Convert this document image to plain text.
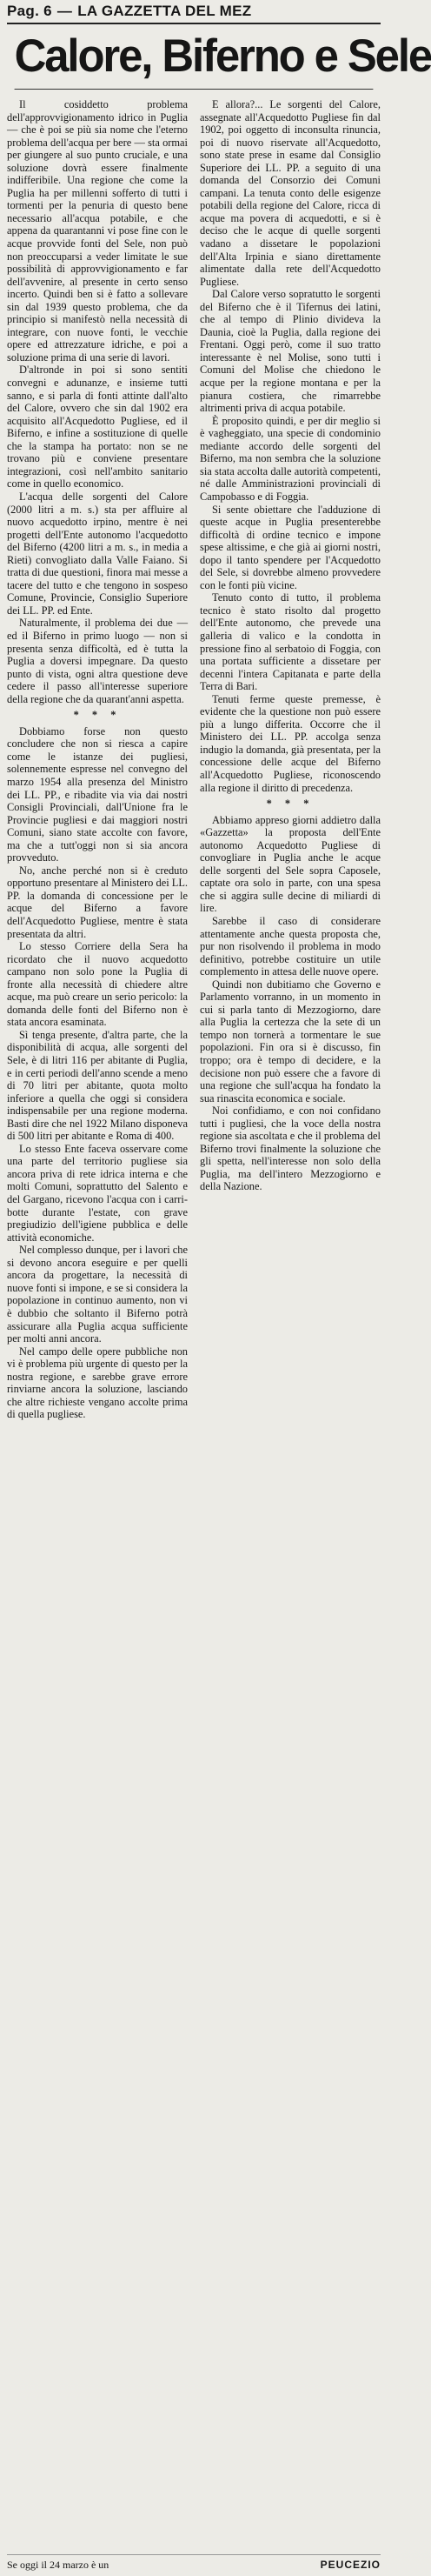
Pag. 6 — LA GAZZETTA DEL MEZ
Calore, Biferno e Sele

Il cosiddetto problema dell'approvvigionamento idrico in Puglia — che è poi se più sia nome che l'eterno problema dell'acqua per bere — sta ormai per giungere al suo punto cruciale, e una soluzione dovrà essere finalmente indifferibile. Una regione che come la Puglia ha per millenni sofferto di tutti i tormenti per la penuria di questo bene necessario all'acqua potabile, e che appena da quarantanni vi pose fine con le acque provvide fonti del Sele, non può non preoccuparsi a veder limitate le sue possibilità di approvvigionamento e far dell'avvenire, al presente in certo senso incerto. Quindi ben si è fatto a sollevare sin dal 1939 questo problema, che da principio si manifestò nella necessità di integrare, con nuove fonti, le vecchie opere ed attrezzature idriche, e poi a soluzione prima di una serie di lavori.

D'altronde in poi si sono sentiti convegni e adunanze, e insieme tutti sanno, e si parla di fonti attinte dall'alto del Calore, ovvero che sin dal 1902 era acquisito all'Acquedotto Pugliese, ed il Biferno, e infine a sostituzione di quelle che la stampa ha portato: non se ne trovano più e conviene presentare integrazioni, così nell'ambito sanitario come in quello economico.

L'acqua delle sorgenti del Calore (2000 litri a m. s.) sta per affluire al nuovo acquedotto irpino, mentre è nei progetti dell'Ente autonomo l'acquedotto del Biferno (4200 litri a m. s., in media a Rieti) convogliato dalla Valle Faiano. Si tratta di due questioni, finora mai messe a tacere del tutto e che tengono in sospeso Comune, Provincie, Consiglio Superiore dei LL. PP. ed Ente.

Naturalmente, il problema dei due — ed il Biferno in primo luogo — non si presenta senza difficoltà, ed è tutta la Puglia a doversi impegnare. Da questo punto di vista, ogni altra questione deve cedere il passo all'interesse superiore della regione che da quarant'anni aspetta.

* * *

Dobbiamo forse non questo concludere che non si riesca a capire come le istanze dei pugliesi, solennemente espresse nel convegno del marzo 1954 alla presenza del Ministro dei LL. PP., e ribadite via via dai nostri Consigli Provinciali, dall'Unione fra le Provincie pugliesi e dai maggiori nostri Comuni, siano state accolte con favore, ma che a tutt'oggi non si sia ancora provveduto.

No, anche perché non si è creduto opportuno presentare al Ministero dei LL. PP. la domanda di concessione per le acque del Biferno a favore dell'Acquedotto Pugliese, mentre è stata presentata da altri.

Lo stesso Corriere della Sera ha ricordato che il nuovo acquedotto campano non solo pone la Puglia di fronte alla necessità di chiedere altre acque, ma può creare un serio pericolo: la domanda delle fonti del Biferno non è stata ancora esaminata.

Sì tenga presente, d'altra parte, che la disponibilità di acqua, alle sorgenti del Sele, è di litri 116 per abitante di Puglia, e in certi periodi dell'anno scende a meno di 70 litri per abitante, quota molto inferiore a quella che oggi si considera indispensabile per una regione moderna. Basti dire che nel 1922 Milano disponeva di 500 litri per abitante e Roma di 400.

Lo stesso Ente faceva osservare come una parte del territorio pugliese sia ancora priva di rete idrica interna e che molti Comuni, soprattutto del Salento e del Gargano, ricevono l'acqua con i carri-botte durante l'estate, con grave pregiudizio dell'igiene pubblica e delle attività economiche.

Nel complesso dunque, per i lavori che si devono ancora eseguire e per quelli ancora da progettare, la necessità di nuove fonti si impone, e se si considera la popolazione in continuo aumento, non vi è dubbio che soltanto il Biferno potrà assicurare alla Puglia acqua sufficiente per molti anni ancora.

Nel campo delle opere pubbliche non vi è problema più urgente di questo per la nostra regione, e sarebbe grave errore rinviarne ancora la soluzione, lasciando che altre richieste vengano accolte prima di quella pugliese.

E allora?... Le sorgenti del Calore, assegnate all'Acquedotto Pugliese fin dal 1902, poi oggetto di inconsulta rinuncia, poi di nuovo riservate all'Acquedotto, sono state prese in esame dal Consiglio Superiore dei LL. PP. a seguito di una domanda del Consorzio dei Comuni campani. La tenuta conto delle esigenze potabili della regione del Calore, ricca di acque ma povera di acquedotti, e si è deciso che le acque di quelle sorgenti vadano a dissetare le popolazioni dell'Alta Irpinia e siano direttamente alimentate dalla rete dell'Acquedotto Pugliese.

Dal Calore verso sopratutto le sorgenti del Biferno che è il Tifernus dei latini, che al tempo di Plinio divideva la Daunia, cioè la Puglia, dalla regione dei Frentani. Oggi però, come il suo tratto interessante è nel Molise, sono tutti i Comuni del Molise che chiedono le acque per la regione montana e per la pianura costiera, che rimarrebbe altrimenti priva di acqua potabile.

È proposito quindi, e per dir meglio si è vagheggiato, una specie di condominio mediante accordo delle sorgenti del Biferno, ma non sembra che la soluzione sia stata accolta dalle autorità competenti, né dalle Amministrazioni provinciali di Campobasso e di Foggia.

Si sente obiettare che l'adduzione di queste acque in Puglia presenterebbe difficoltà di ordine tecnico e impone spese altissime, e che già ai giorni nostri, dopo il tanto spendere per l'Acquedotto del Sele, si dovrebbe almeno provvedere con le fonti più vicine.

Tenuto conto di tutto, il problema tecnico è stato risolto dal progetto dell'Ente autonomo, che prevede una galleria di valico e la condotta in pressione fino al serbatoio di Foggia, con una portata sufficiente a dissetare per decenni l'intera Capitanata e parte della Terra di Bari.

Tenuti ferme queste premesse, è evidente che la questione non può essere più a lungo differita. Occorre che il Ministero dei LL. PP. accolga senza indugio la domanda, già presentata, per la concessione delle acque del Biferno all'Acquedotto Pugliese, riconoscendo alla regione il diritto di precedenza.

* * *

Abbiamo appreso giorni addietro dalla «Gazzetta» la proposta dell'Ente autonomo Acquedotto Pugliese di convogliare in Puglia anche le acque delle sorgenti del Sele sopra Caposele, captate ora solo in parte, con una spesa che si aggira sulle decine di miliardi di lire.

Sarebbe il caso di considerare attentamente anche questa proposta che, pur non risolvendo il problema in modo definitivo, potrebbe costituire un utile complemento in attesa delle nuove opere.

Quindi non dubitiamo che Governo e Parlamento vorranno, in un momento in cui si parla tanto di Mezzogiorno, dare alla Puglia la certezza che la sete di un tempo non tornerà a tormentare le sue popolazioni. Fin ora si è discusso, fin troppo; ora è tempo di decidere, e la decisione non può essere che a favore di una regione che sull'acqua ha fondato la sua rinascita economica e sociale.

Noi confidiamo, e con noi confidano tutti i pugliesi, che la voce della nostra regione sia ascoltata e che il problema del Biferno trovi finalmente la soluzione che gli spetta, nell'interesse non solo della Puglia, ma dell'intero Mezzogiorno e della Nazione.

Se oggi il 24 marzo è un	PEUCEZIO
